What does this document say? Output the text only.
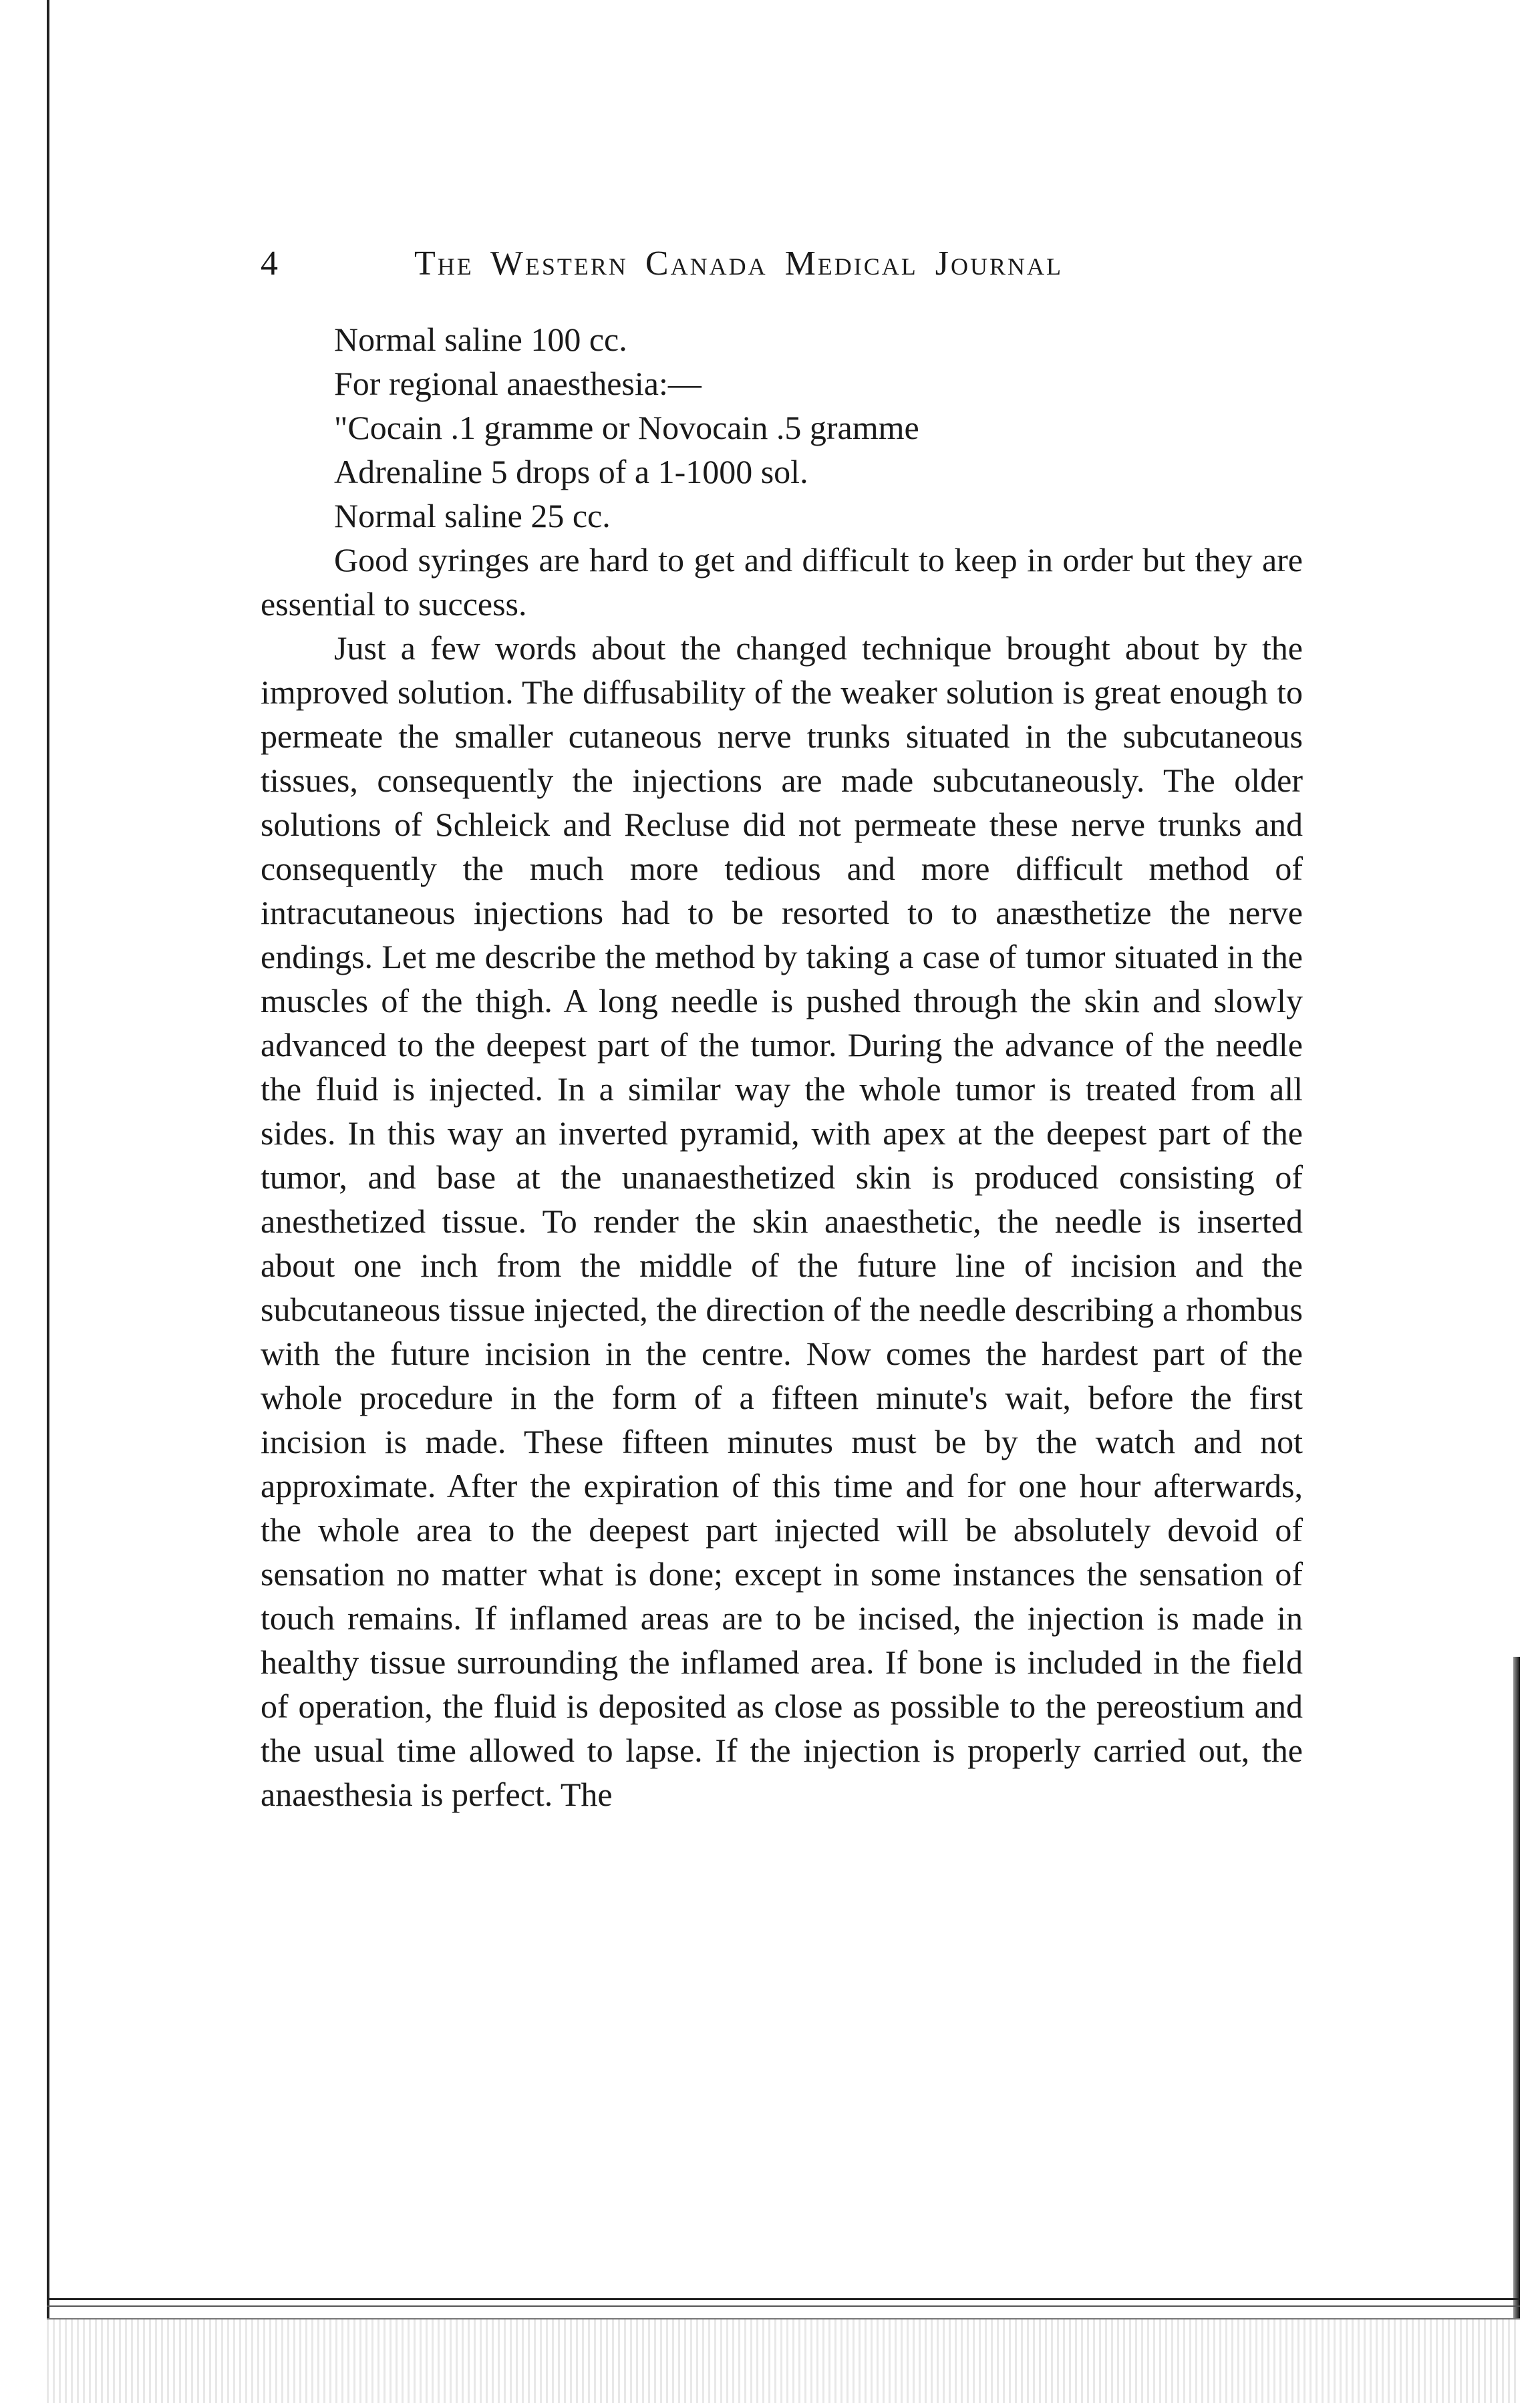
4	The Western Canada Medical Journal

Normal saline 100 cc.

For regional anaesthesia:—

"Cocain .1 gramme or Novocain .5 gramme

Adrenaline 5 drops of a 1-1000 sol.

Normal saline 25 cc.

Good syringes are hard to get and difficult to keep in order but they are essential to success.

Just a few words about the changed technique brought about by the improved solution. The diffusability of the weaker solution is great enough to permeate the smaller cutaneous nerve trunks situated in the subcutaneous tissues, consequently the injections are made subcutaneously. The older solutions of Schleick and Recluse did not permeate these nerve trunks and consequently the much more tedious and more difficult method of intracutaneous injections had to be resorted to to anæsthetize the nerve endings. Let me describe the method by taking a case of tumor situated in the muscles of the thigh. A long needle is pushed through the skin and slowly advanced to the deepest part of the tumor. During the advance of the needle the fluid is injected. In a similar way the whole tumor is treated from all sides. In this way an inverted pyramid, with apex at the deepest part of the tumor, and base at the unanaesthetized skin is produced consisting of anesthetized tissue. To render the skin anaesthetic, the needle is inserted about one inch from the middle of the future line of incision and the subcutaneous tissue injected, the direction of the needle describing a rhombus with the future incision in the centre. Now comes the hardest part of the whole procedure in the form of a fifteen minute's wait, before the first incision is made. These fifteen minutes must be by the watch and not approximate. After the expiration of this time and for one hour afterwards, the whole area to the deepest part injected will be absolutely devoid of sensation no matter what is done; except in some instances the sensation of touch remains. If inflamed areas are to be incised, the injection is made in healthy tissue surrounding the inflamed area. If bone is included in the field of operation, the fluid is deposited as close as possible to the pereostium and the usual time allowed to lapse. If the injection is properly carried out, the anaesthesia is perfect. The
